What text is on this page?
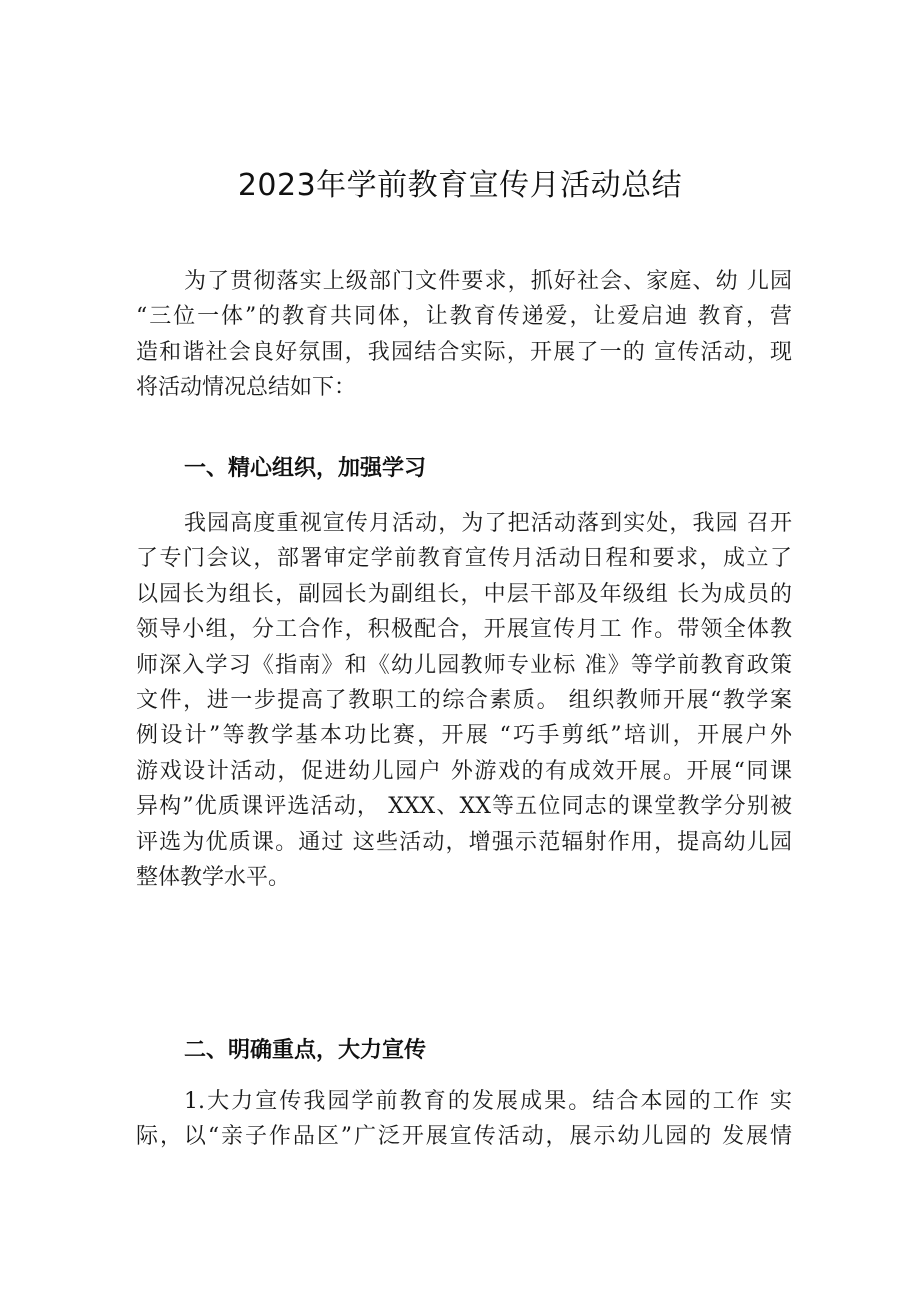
2023年学前教育宣传月活动总结
为了贯彻落实上级部门文件要求，抓好社会、家庭、幼 儿园
“三位一体”的教育共同体，让教育传递爱，让爱启迪 教育，营
造和谐社会良好氛围，我园结合实际，开展了一的 宣传活动，现
将活动情况总结如下：
一、精心组织，加强学习
我园高度重视宣传月活动，为了把活动落到实处，我园 召开
了专门会议，部署审定学前教育宣传月活动日程和要求，成立了
以园长为组长，副园长为副组长，中层干部及年级组 长为成员的
领导小组，分工合作，积极配合，开展宣传月工 作。带领全体教
师深入学习《指南》和《幼儿园教师专业标 准》等学前教育政策
文件，进一步提高了教职工的综合素质。 组织教师开展“教学案
例设计”等教学基本功比赛，开展 “巧手剪纸”培训，开展户外
游戏设计活动，促进幼儿园户 外游戏的有成效开展。开展“同课
异构”优质课评选活动， XXX、XX等五位同志的课堂教学分别被
评选为优质课。通过 这些活动，增强示范辐射作用，提高幼儿园
整体教学水平。
二、明确重点，大力宣传
1.大力宣传我园学前教育的发展成果。结合本园的工作 实
际，以“亲子作品区”广泛开展宣传活动，展示幼儿园的 发展情
